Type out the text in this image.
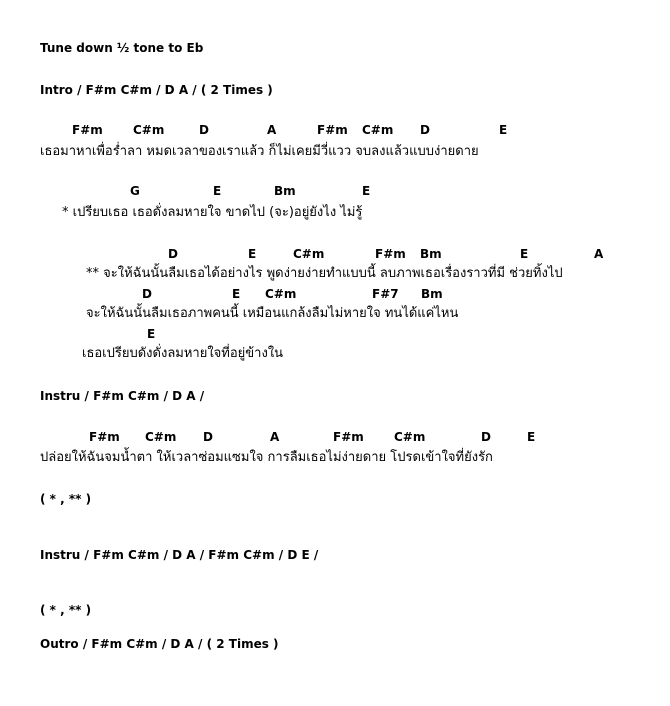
Tune down ½ tone to Eb
Intro / F#m C#m / D A / ( 2 Times )
F#m	C#m	D	A	F#m C#m D	E
เธอมาหาเพื่อร่ำลา หมดเวลาของเราแล้ว ก็ไม่เคยมีวี่แวว จบลงแล้วแบบง่ายดาย
G	E	Bm	E
* เปรียบเธอ เธอดั่งลมหายใจ ขาดไป (จะ)อยู่ยังไง ไม่รู้
D	E	C#m	F#m Bm	E	A
** จะให้ฉันนั้นลืมเธอได้อย่างไร พูดง่ายง่ายทำแบบนี้ ลบภาพเธอเรื่องราวที่มี ช่วยทิ้งไป
D	E C#m	F#7 Bm
จะให้ฉันนั้นลืมเธอภาพคนนี้ เหมือนแกล้งลืมไม่หายใจ ทนได้แค่ไหน
E
เธอเปรียบดังดั่งลมหายใจที่อยู่ข้างใน
Instru / F#m C#m / D A /
F#m C#m D	A	F#m	C#m	D	E
ปล่อยให้ฉันจมน้ำตา ให้เวลาซ่อมแซมใจ การลืมเธอไม่ง่ายดาย โปรดเข้าใจที่ยังรัก
( * , ** )
Instru / F#m C#m / D A / F#m C#m / D E /
( * , ** )
Outro / F#m C#m / D A / ( 2 Times )
